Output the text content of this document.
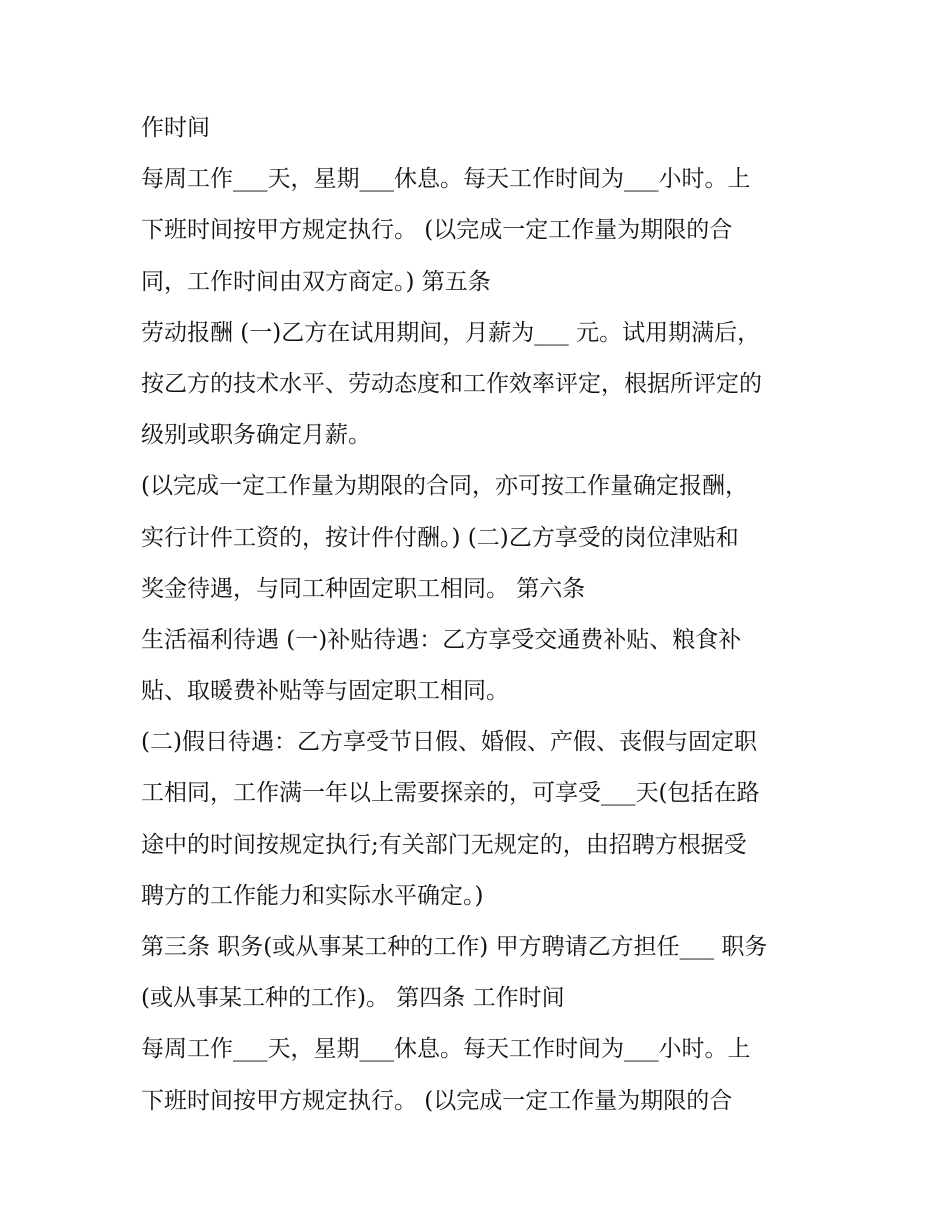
作时间
每周工作___天，星期___休息。每天工作时间为___小时。上
下班时间按甲方规定执行。 (以完成一定工作量为期限的合
同，工作时间由双方商定。) 第五条
劳动报酬 (一)乙方在试用期间，月薪为___ 元。试用期满后，
按乙方的技术水平、劳动态度和工作效率评定，根据所评定的
级别或职务确定月薪。
(以完成一定工作量为期限的合同，亦可按工作量确定报酬，
实行计件工资的，按计件付酬。) (二)乙方享受的岗位津贴和
奖金待遇，与同工种固定职工相同。 第六条
生活福利待遇 (一)补贴待遇：乙方享受交通费补贴、粮食补
贴、取暖费补贴等与固定职工相同。
(二)假日待遇：乙方享受节日假、婚假、产假、丧假与固定职
工相同，工作满一年以上需要探亲的，可享受___天(包括在路
途中的时间按规定执行;有关部门无规定的，由招聘方根据受
聘方的工作能力和实际水平确定。)
第三条 职务(或从事某工种的工作) 甲方聘请乙方担任___ 职务
(或从事某工种的工作)。 第四条 工作时间
每周工作___天，星期___休息。每天工作时间为___小时。上
下班时间按甲方规定执行。 (以完成一定工作量为期限的合
